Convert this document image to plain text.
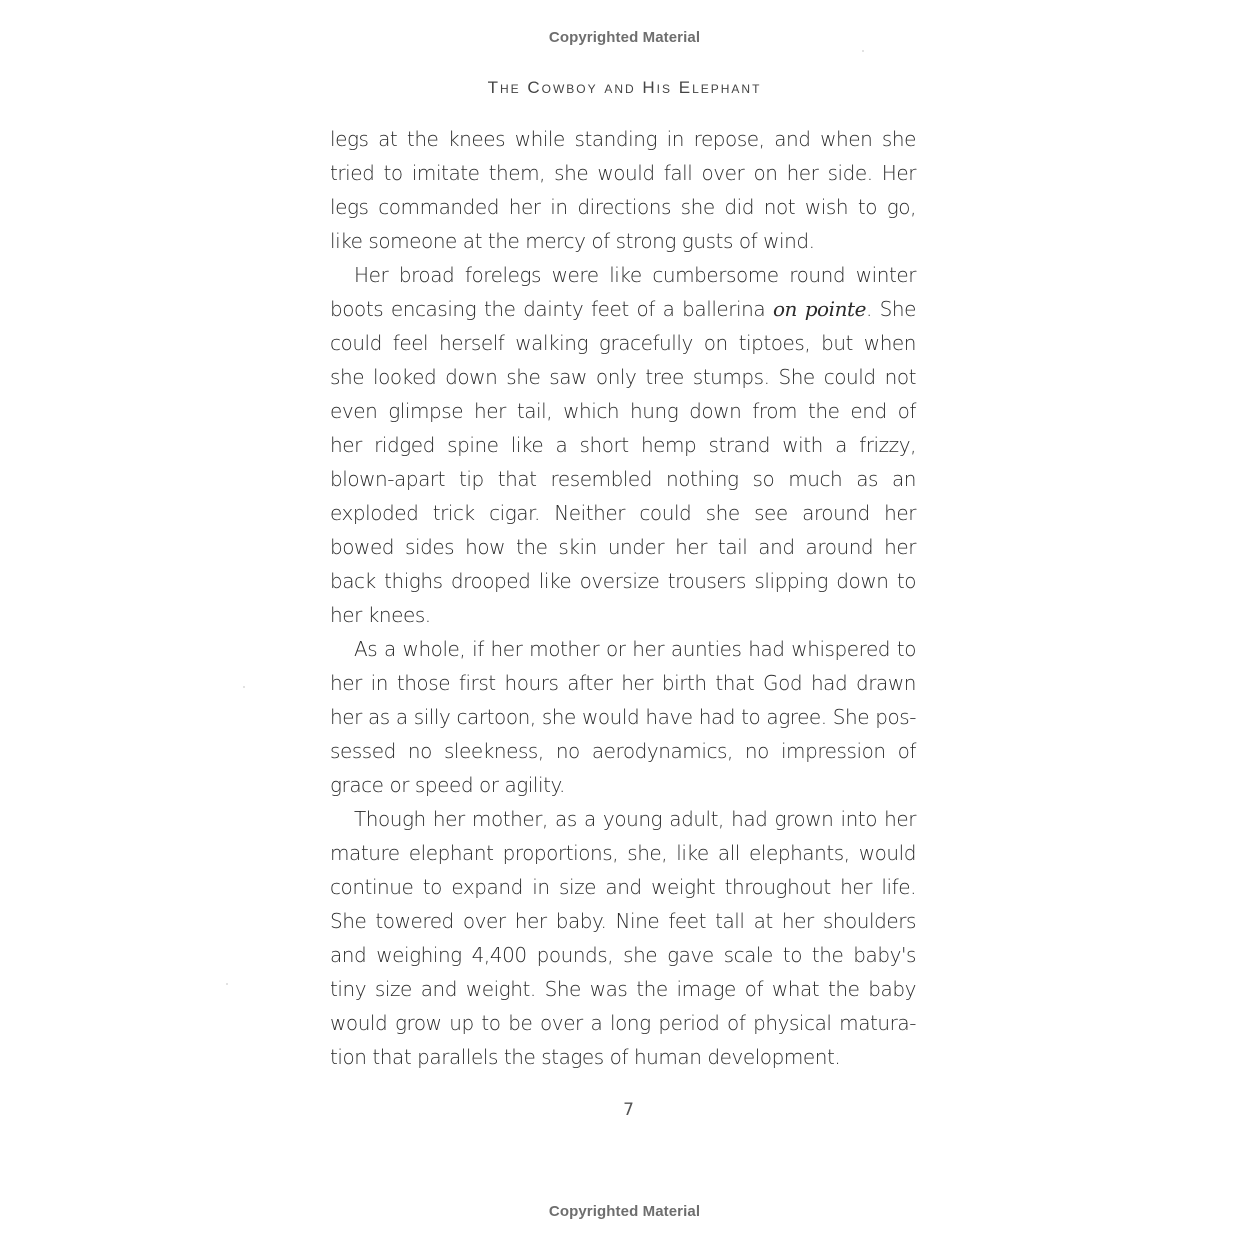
Copyrighted Material
The Cowboy and His Elephant

legs at the knees while standing in repose, and when she
tried to imitate them, she would fall over on her side. Her
legs commanded her in directions she did not wish to go,
like someone at the mercy of strong gusts of wind.

Her broad forelegs were like cumbersome round winter
boots encasing the dainty feet of a ballerina on pointe. She
could feel herself walking gracefully on tiptoes, but when
she looked down she saw only tree stumps. She could not
even glimpse her tail, which hung down from the end of
her ridged spine like a short hemp strand with a frizzy,
blown-apart tip that resembled nothing so much as an
exploded trick cigar. Neither could she see around her
bowed sides how the skin under her tail and around her
back thighs drooped like oversize trousers slipping down to
her knees.

As a whole, if her mother or her aunties had whispered to
her in those first hours after her birth that God had drawn
her as a silly cartoon, she would have had to agree. She pos-
sessed no sleekness, no aerodynamics, no impression of
grace or speed or agility.

Though her mother, as a young adult, had grown into her
mature elephant proportions, she, like all elephants, would
continue to expand in size and weight throughout her life.
She towered over her baby. Nine feet tall at her shoulders
and weighing 4,400 pounds, she gave scale to the baby's
tiny size and weight. She was the image of what the baby
would grow up to be over a long period of physical matura-
tion that parallels the stages of human development.

7
Copyrighted Material
